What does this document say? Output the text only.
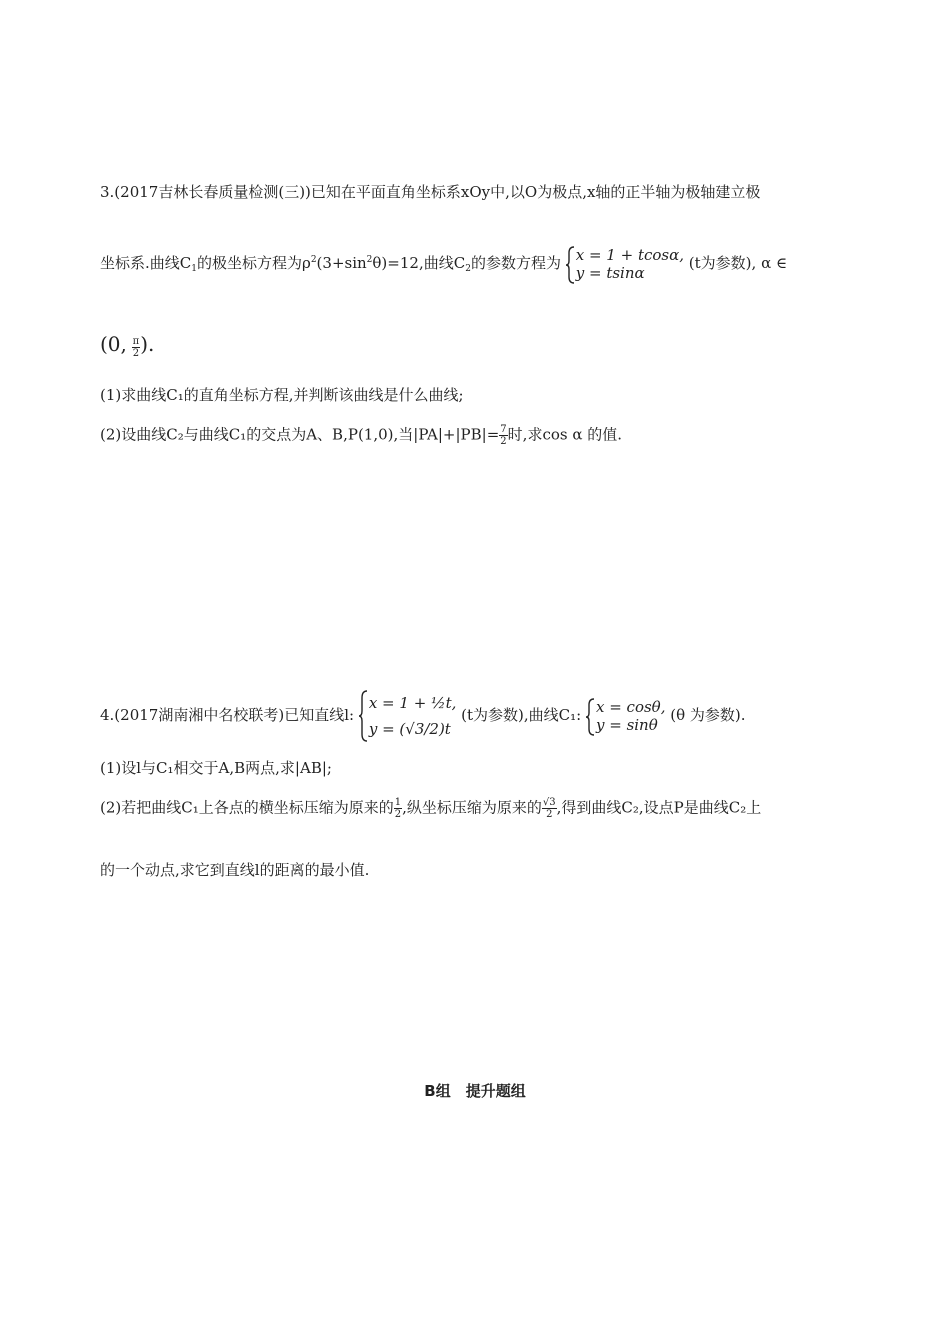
3.(2017吉林长春质量检测(三))已知在平面直角坐标系xOy中,以O为极点,x轴的正半轴为极轴建立极
坐标系.曲线$C_1$的极坐标方程为$\rho^2(3+\sin^2\theta)=12$,曲线$C_2$的参数方程为 x = 1 + tcosα,
y = tsinα
(t为参数), α ∈
(0, $\frac{\pi}{2}$ ).
(1)求曲线C₁的直角坐标方程,并判断该曲线是什么曲线;
(2)设曲线C₂与曲线C₁的交点为A、B,P(1,0),当$|PA|+|PB|= \frac{7}{2}$ 时,求cos α 的值.
4.(2017湖南湘中名校联考)已知直线l:
x = 1 + ½t,
y = (√3/2)t
(t为参数),曲线C₁: x = cosθ,
y = sinθ
(θ 为参数).
(1)设l与C₁相交于A,B两点,求|AB|;
(2)若把曲线C₁上各点的横坐标压缩为原来的 $\frac{1}{2}$ ,纵坐标压缩为原来的 $\frac{√3}{2}$ ,得到曲线C₂,设点P是曲线C₂上
的一个动点,求它到直线l的距离的最小值.
B组　提升题组
